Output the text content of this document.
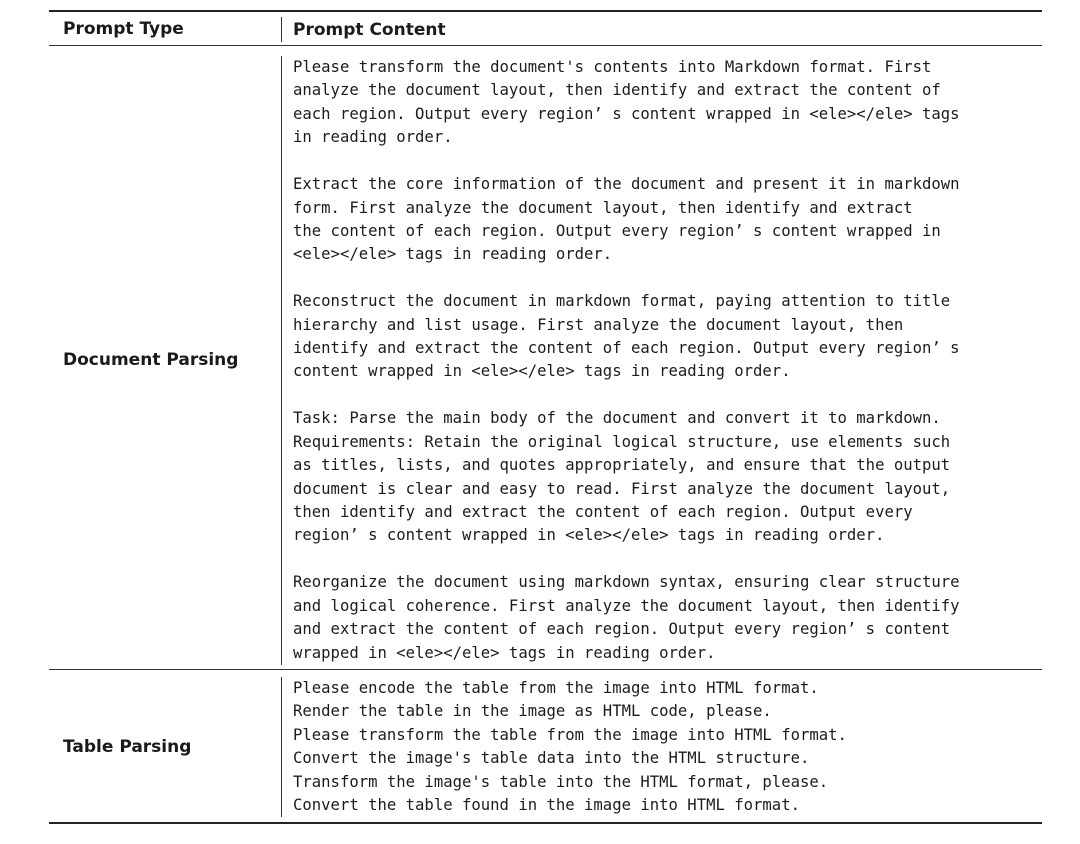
Prompt Type	Prompt Content
Document Parsing

Please transform the document's contents into Markdown format. First
analyze the document layout, then identify and extract the content of
each region. Output every region’ s content wrapped in <ele></ele> tags
in reading order.

Extract the core information of the document and present it in markdown
form. First analyze the document layout, then identify and extract
the content of each region. Output every region’ s content wrapped in
<ele></ele> tags in reading order.

Reconstruct the document in markdown format, paying attention to title
hierarchy and list usage. First analyze the document layout, then
identify and extract the content of each region. Output every region’ s
content wrapped in <ele></ele> tags in reading order.

Task: Parse the main body of the document and convert it to markdown.
Requirements: Retain the original logical structure, use elements such
as titles, lists, and quotes appropriately, and ensure that the output
document is clear and easy to read. First analyze the document layout,
then identify and extract the content of each region. Output every
region’ s content wrapped in <ele></ele> tags in reading order.

Reorganize the document using markdown syntax, ensuring clear structure
and logical coherence. First analyze the document layout, then identify
and extract the content of each region. Output every region’ s content
wrapped in <ele></ele> tags in reading order.

Table Parsing

Please encode the table from the image into HTML format.

Render the table in the image as HTML code, please.

Please transform the table from the image into HTML format.

Convert the image's table data into the HTML structure.

Transform the image's table into the HTML format, please.

Convert the table found in the image into HTML format.
